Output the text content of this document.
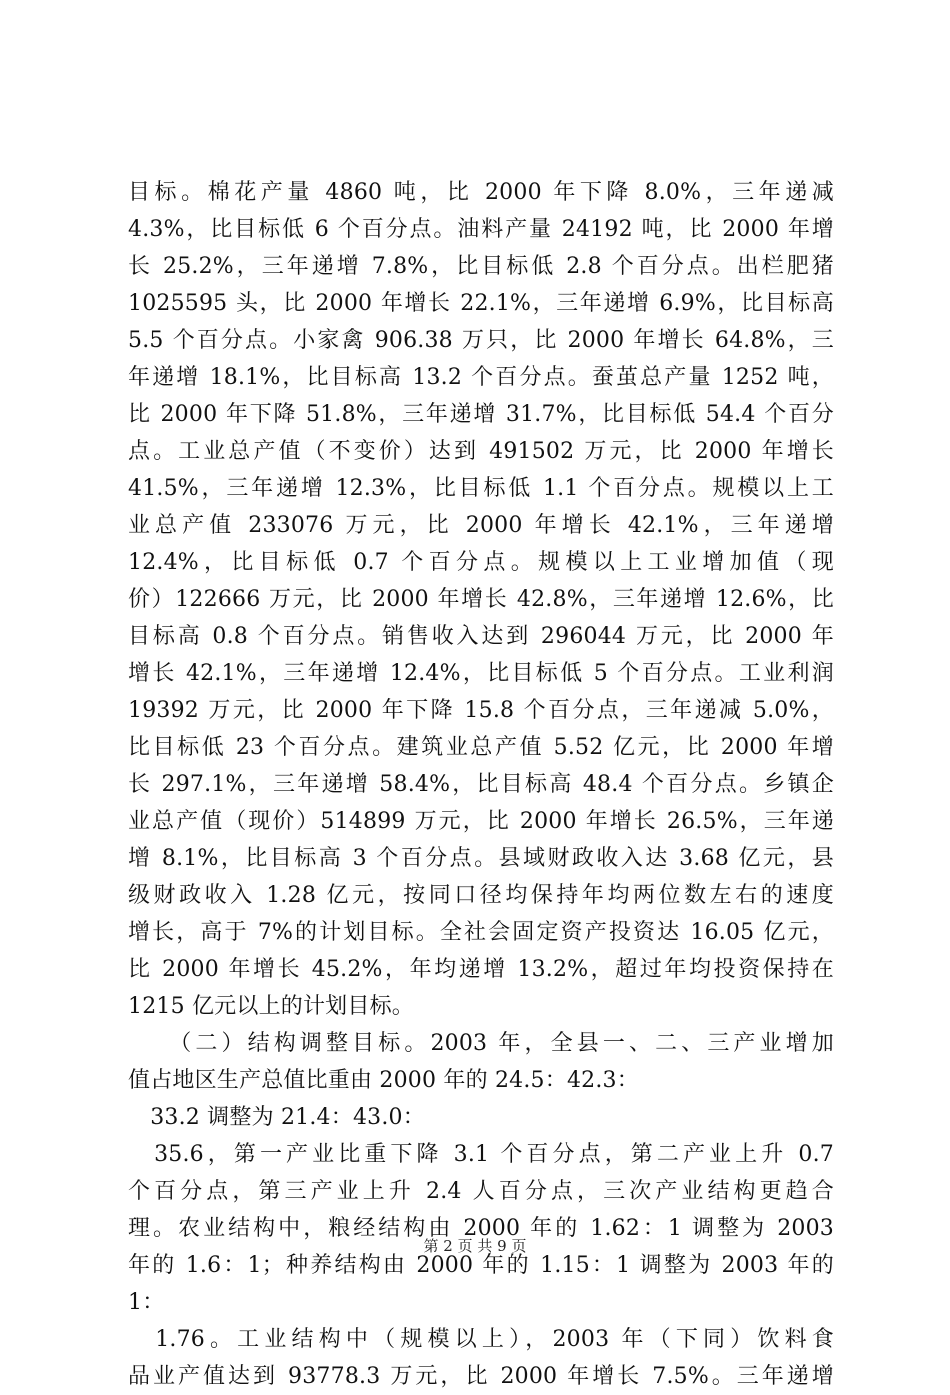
目标。棉花产量 4860 吨，比 2000 年下降 8.0%，三年递减
4.3%，比目标低 6 个百分点。油料产量 24192 吨，比 2000 年增
长 25.2%，三年递增 7.8%，比目标低 2.8 个百分点。出栏肥猪
1025595 头，比 2000 年增长 22.1%，三年递增 6.9%，比目标高
5.5 个百分点。小家禽 906.38 万只，比 2000 年增长 64.8%，三
年递增 18.1%，比目标高 13.2 个百分点。蚕茧总产量 1252 吨，
比 2000 年下降 51.8%，三年递增 31.7%，比目标低 54.4 个百分
点。工业总产值（不变价）达到 491502 万元，比 2000 年增长
41.5%，三年递增 12.3%，比目标低 1.1 个百分点。规模以上工
业总产值 233076 万元，比 2000 年增长 42.1%，三年递增
12.4%，比目标低 0.7 个百分点。规模以上工业增加值（现
价）122666 万元，比 2000 年增长 42.8%，三年递增 12.6%，比
目标高 0.8 个百分点。销售收入达到 296044 万元，比 2000 年
增长 42.1%，三年递增 12.4%，比目标低 5 个百分点。工业利润
19392 万元，比 2000 年下降 15.8 个百分点，三年递减 5.0%，
比目标低 23 个百分点。建筑业总产值 5.52 亿元，比 2000 年增
长 297.1%，三年递增 58.4%，比目标高 48.4 个百分点。乡镇企
业总产值（现价）514899 万元，比 2000 年增长 26.5%，三年递
增 8.1%，比目标高 3 个百分点。县域财政收入达 3.68 亿元，县
级财政收入 1.28 亿元，按同口径均保持年均两位数左右的速度
增长，高于 7%的计划目标。全社会固定资产投资达 16.05 亿元，
比 2000 年增长 45.2%，年均递增 13.2%，超过年均投资保持在
1215 亿元以上的计划目标。
　　（二）结构调整目标。2003 年，全县一、二、三产业增加
值占地区生产总值比重由 2000 年的 24.5：42.3：
　33.2 调整为 21.4：43.0：
　35.6，第一产业比重下降 3.1 个百分点，第二产业上升 0.7
个百分点，第三产业上升 2.4 人百分点，三次产业结构更趋合
理。农业结构中，粮经结构由 2000 年的 1.62：1 调整为 2003
年的 1.6：1；种养结构由 2000 年的 1.15：1 调整为 2003 年的
1：
　1.76。工业结构中（规模以上），2003 年（下同）饮料食
品业产值达到 93778.3 万元，比 2000 年增长 7.5%。三年递增
第 2 页 共 9 页
